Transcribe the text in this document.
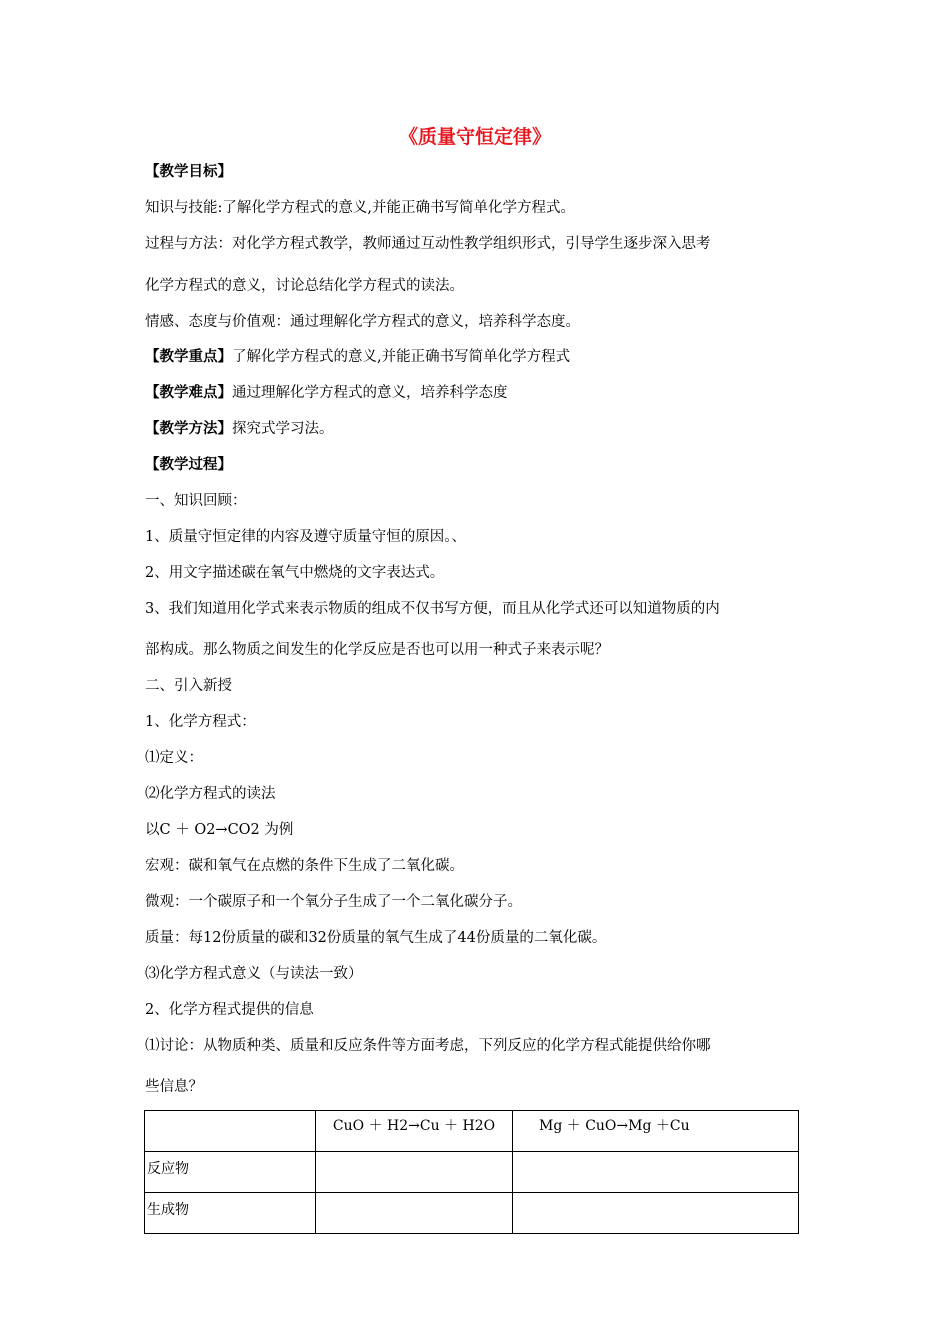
《质量守恒定律》
【教学目标】
知识与技能:了解化学方程式的意义,并能正确书写简单化学方程式。
过程与方法：对化学方程式教学，教师通过互动性教学组织形式，引导学生逐步深入思考
化学方程式的意义，讨论总结化学方程式的读法。
情感、态度与价值观：通过理解化学方程式的意义，培养科学态度。
【教学重点】了解化学方程式的意义,并能正确书写简单化学方程式
【教学难点】通过理解化学方程式的意义，培养科学态度
【教学方法】探究式学习法。
【教学过程】
一、知识回顾：
1、质量守恒定律的内容及遵守质量守恒的原因。、
2、用文字描述碳在氧气中燃烧的文字表达式。
3、我们知道用化学式来表示物质的组成不仅书写方便，而且从化学式还可以知道物质的内
部构成。那么物质之间发生的化学反应是否也可以用一种式子来表示呢？
二、引入新授
1、化学方程式：
⑴定义：
⑵化学方程式的读法
以C ＋ O2→CO2 为例
宏观：碳和氧气在点燃的条件下生成了二氧化碳。
微观：一个碳原子和一个氧分子生成了一个二氧化碳分子。
质量：每12份质量的碳和32份质量的氧气生成了44份质量的二氧化碳。
⑶化学方程式意义（与读法一致）
2、化学方程式提供的信息
⑴讨论：从物质种类、质量和反应条件等方面考虑，下列反应的化学方程式能提供给你哪
些信息？
	CuO ＋ H2→Cu ＋ H2O	Mg ＋ CuO→Mg ＋Cu
反应物		
生成物		
